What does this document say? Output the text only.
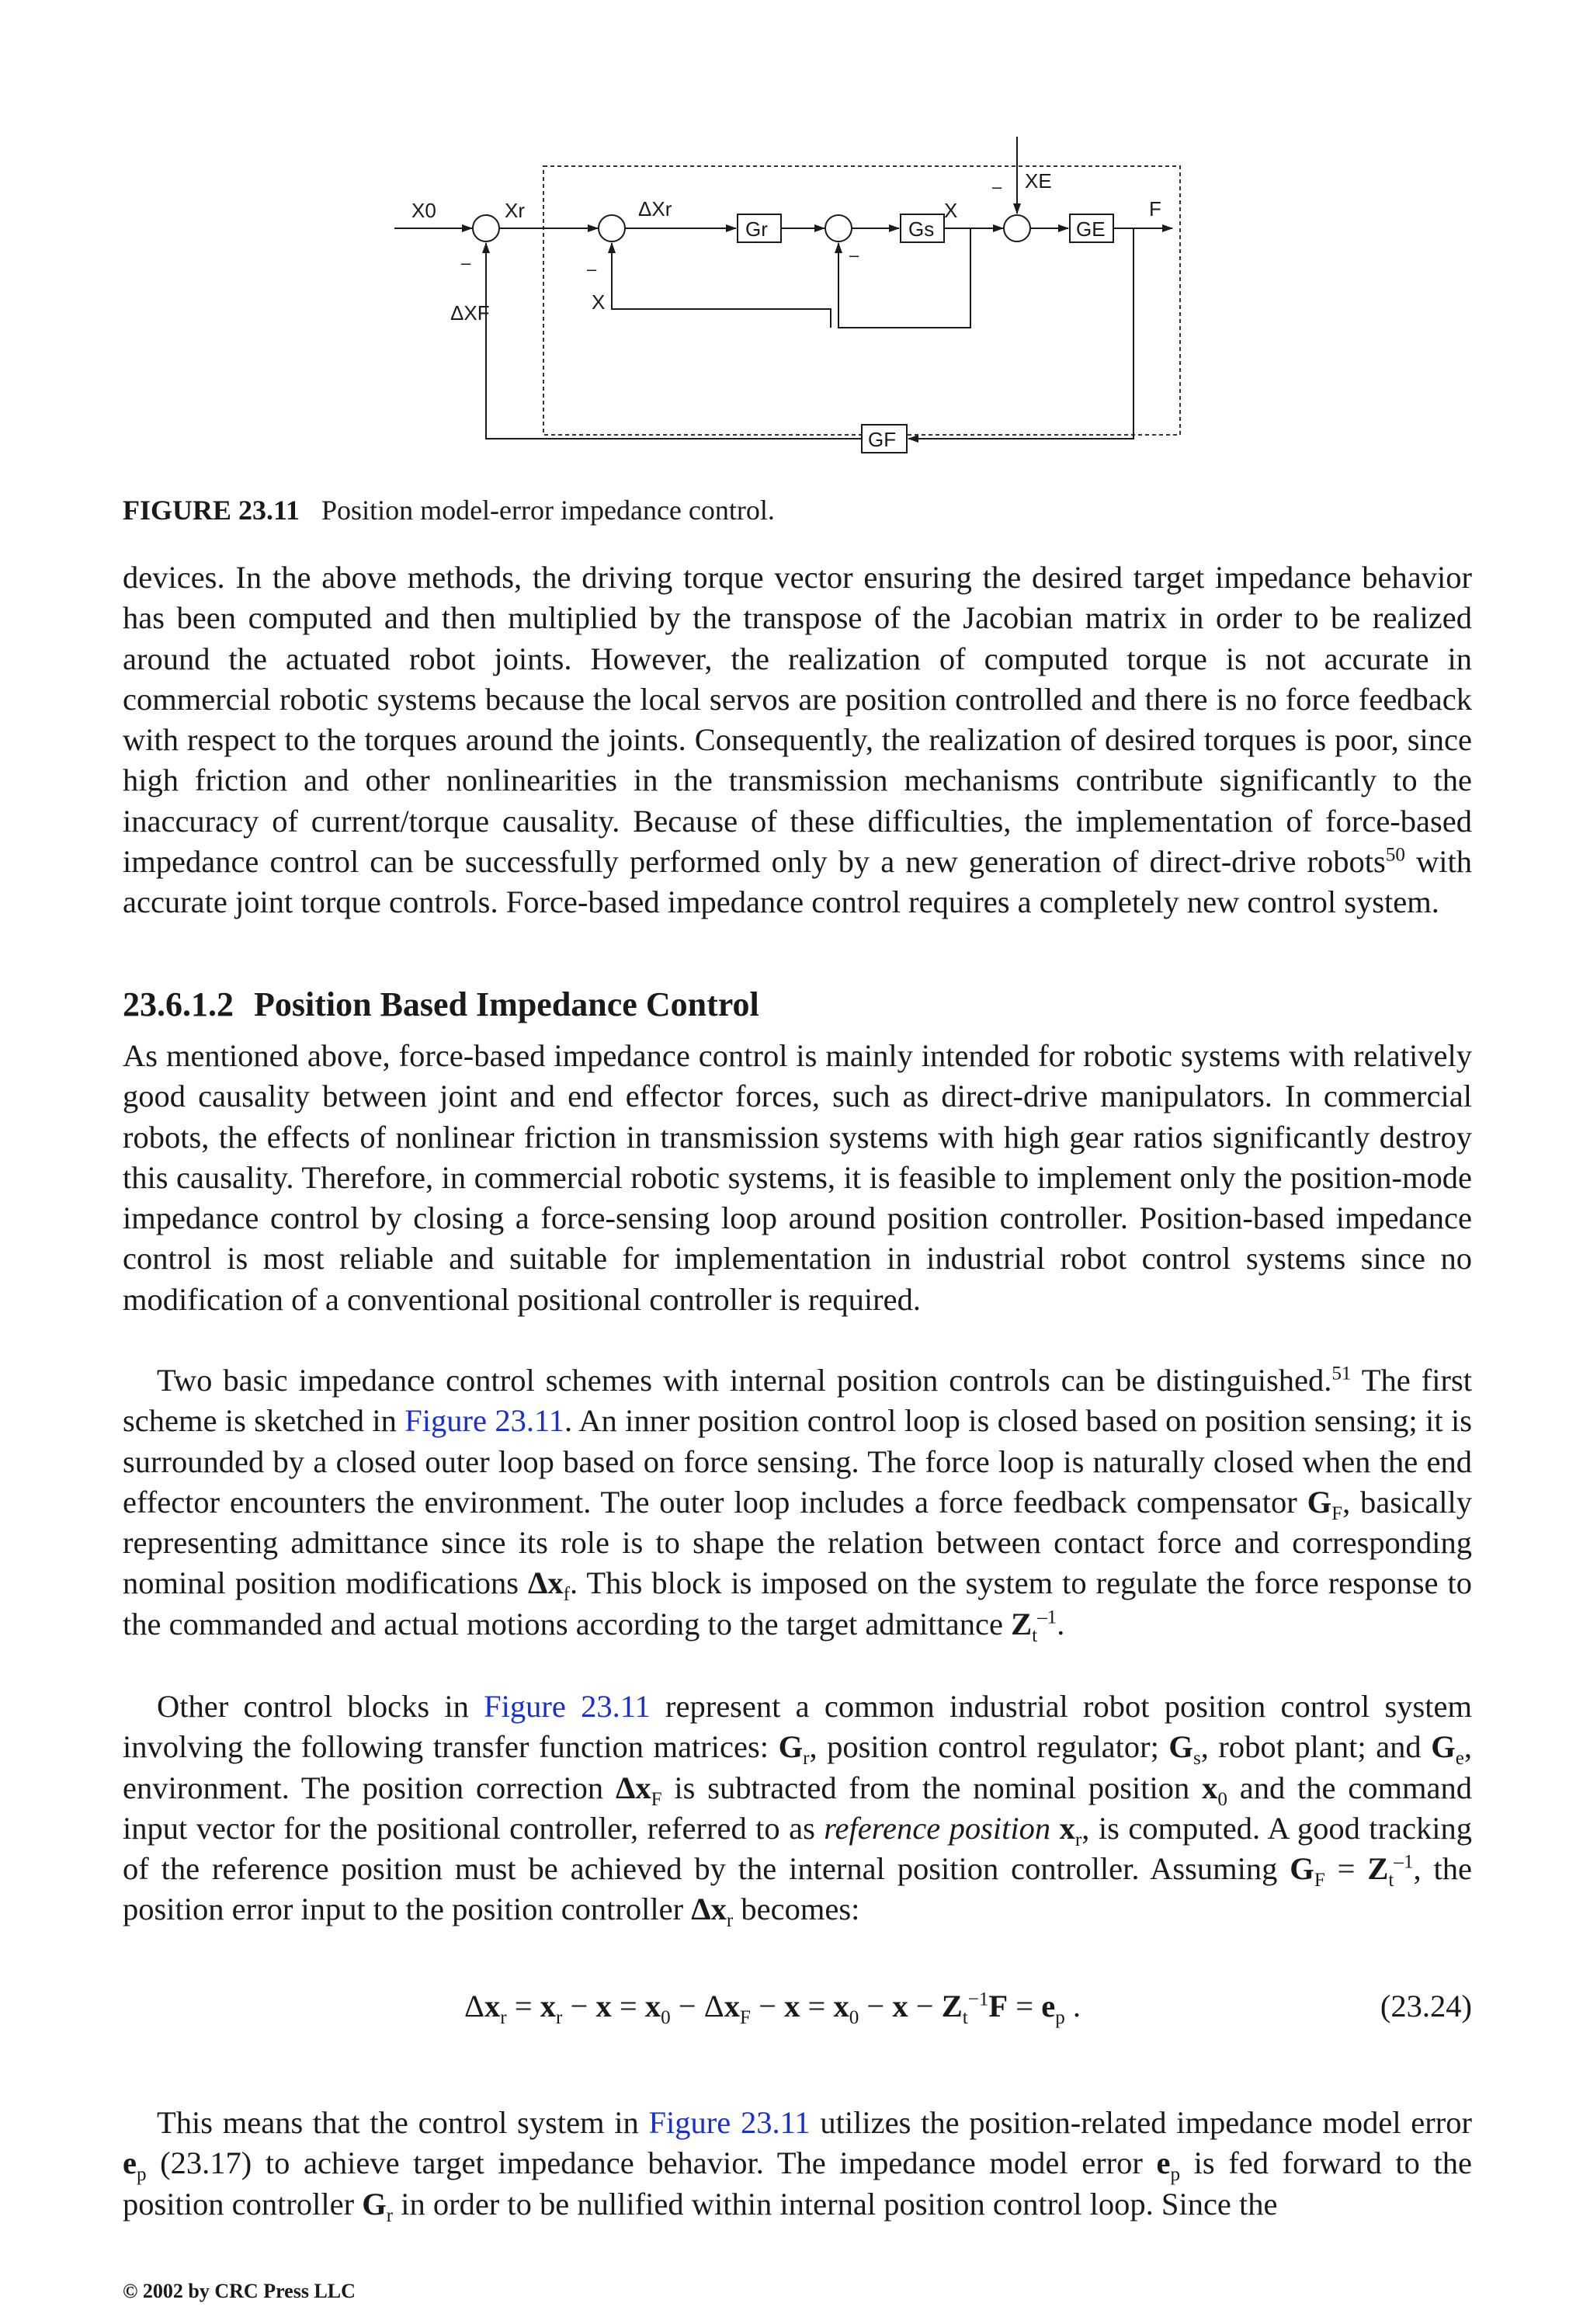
X0	Xr	ΔXr
ΔXF	X
X
XE
F
Gr	Gs	GE
GF
–	–
–
–
FIGURE 23.11 Position model-error impedance control.

devices. In the above methods, the driving torque vector ensuring the desired target impedance behavior has been computed and then multiplied by the transpose of the Jacobian matrix in order to be realized around the actuated robot joints. However, the realization of computed torque is not accurate in commercial robotic systems because the local servos are position controlled and there is no force feedback with respect to the torques around the joints. Consequently, the realization of desired torques is poor, since high friction and other nonlinearities in the transmission mechanisms contribute significantly to the inaccuracy of current/torque causality. Because of these difficulties, the implementation of force-based impedance control can be successfully performed only by a new generation of direct-drive robots$^{50}$ with accurate joint torque controls. Force-based impedance control requires a completely new control system.

23.6.1.2 Position Based Impedance Control

As mentioned above, force-based impedance control is mainly intended for robotic systems with relatively good causality between joint and end effector forces, such as direct-drive manipulators. In commercial robots, the effects of nonlinear friction in transmission systems with high gear ratios significantly destroy this causality. Therefore, in commercial robotic systems, it is feasible to implement only the position-mode impedance control by closing a force-sensing loop around position controller. Position-based impedance control is most reliable and suitable for implementation in industrial robot control systems since no modification of a conventional positional controller is required.

Two basic impedance control schemes with internal position controls can be distinguished.$^{51}$ The first scheme is sketched in Figure 23.11. An inner position control loop is closed based on position sensing; it is surrounded by a closed outer loop based on force sensing. The force loop is naturally closed when the end effector encounters the environment. The outer loop includes a force feedback compensator $G_F$, basically representing admittance since its role is to shape the relation between contact force and corresponding nominal position modifications $\Delta x_f$. This block is imposed on the system to regulate the force response to the commanded and actual motions according to the target admittance $Z_t^{-1}$.

Other control blocks in Figure 23.11 represent a common industrial robot position control system involving the following transfer function matrices: $G_r$, position control regulator; $G_s$, robot plant; and $G_e$, environment. The position correction $\Delta x_F$ is subtracted from the nominal position $x_0$ and the command input vector for the positional controller, referred to as reference position $x_r$, is computed. A good tracking of the reference position must be achieved by the internal position controller. Assuming $G_F = Z_t^{-1}$, the position error input to the position controller $\Delta x_r$ becomes:

$\Delta x_r = x_r - x = x_0 - \Delta x_F - x = x_0 - x - Z_t^{-1}F = e_p$ .	(23.24)

This means that the control system in Figure 23.11 utilizes the position-related impedance model error $e_p$ (23.17) to achieve target impedance behavior. The impedance model error $e_p$ is fed forward to the position controller $G_r$ in order to be nullified within internal position control loop. Since the

© 2002 by CRC Press LLC
